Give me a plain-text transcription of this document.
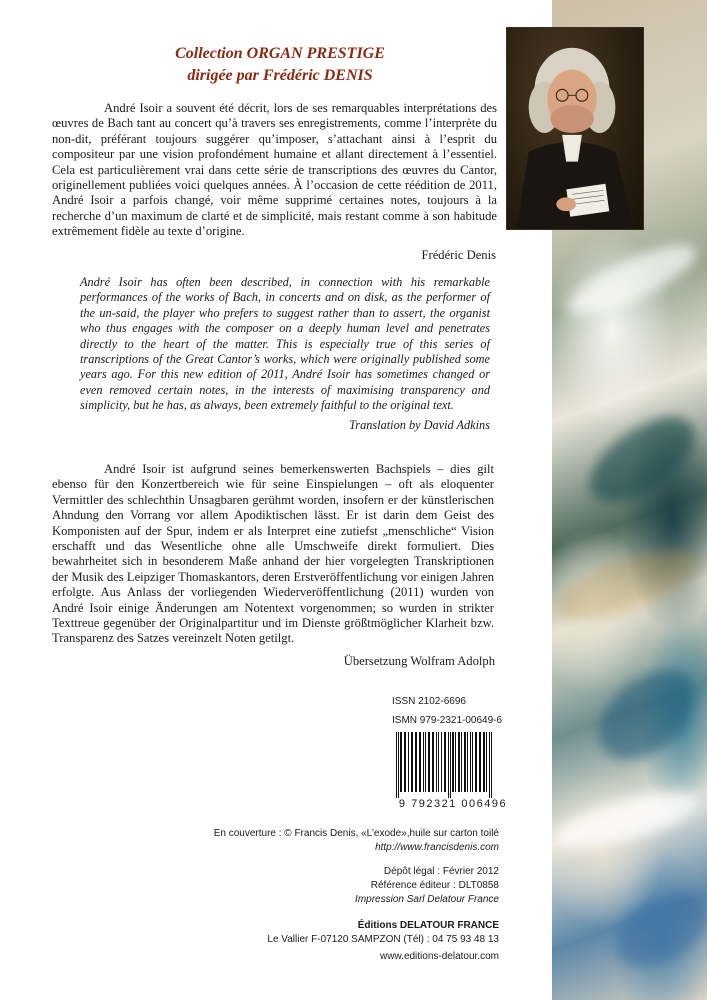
Collection ORGAN PRESTIGE
dirigée par Frédéric DENIS

André Isoir a souvent été décrit, lors de ses remarquables interprétations des œuvres de Bach tant au concert qu’à travers ses enregistrements, comme l’interprète du non-dit, préférant toujours suggérer qu’imposer, s’attachant ainsi à l’esprit du compositeur par une vision profondément humaine et allant directement à l’essentiel. Cela est particulièrement vrai dans cette série de transcriptions des œuvres du Cantor, originellement publiées voici quelques années. À l’occasion de cette réédition de 2011, André Isoir a parfois changé, voir même supprimé certaines notes, toujours à la recherche d’un maximum de clarté et de simplicité, mais restant comme à son habitude extrêmement fidèle au texte d’origine.

Frédéric Denis

André Isoir has often been described, in connection with his remarkable performances of the works of Bach, in concerts and on disk, as the performer of the un-said, the player who prefers to suggest rather than to assert, the organist who thus engages with the composer on a deeply human level and penetrates directly to the heart of the matter. This is especially true of this series of transcriptions of the Great Cantor’s works, which were originally published some years ago. For this new edition of 2011, André Isoir has sometimes changed or even removed certain notes, in the interests of maximising transparency and simplicity, but he has, as always, been extremely faithful to the original text.

Translation by David Adkins

André Isoir ist aufgrund seines bemerkenswerten Bachspiels – dies gilt ebenso für den Konzertbereich wie für seine Einspielungen – oft als eloquenter Vermittler des schlechthin Unsagbaren gerühmt worden, insofern er der künstlerischen Ahndung den Vorrang vor allem Apodiktischen lässt. Er ist darin dem Geist des Komponisten auf der Spur, indem er als Interpret eine zutiefst „menschliche“ Vision erschafft und das Wesentliche ohne alle Umschweife direkt formuliert. Dies bewahrheitet sich in besonderem Maße anhand der hier vorgelegten Transkriptionen der Musik des Leipziger Thomaskantors, deren Erstveröffentlichung vor einigen Jahren erfolgte. Aus Anlass der vorliegenden Wiederveröffentlichung (2011) wurden von André Isoir einige Änderungen am Notentext vorgenommen; so wurden in strikter Texttreue gegenüber der Originalpartitur und im Dienste größtmöglicher Klarheit bzw. Transparenz des Satzes vereinzelt Noten getilgt.

Übersetzung Wolfram Adolph
ISSN 2102-6696
ISMN 979-2321-00649-6
9 792321 006496
En couverture : © Francis Denis, «L’exode»,huile sur carton toilé
http://www.francisdenis.com
Dépôt légal : Février 2012
Référence éditeur : DLT0858
Impression Sarl Delatour France
Éditions DELATOUR FRANCE
Le Vallier F-07120 SAMPZON (Tél) : 04 75 93 48 13
www.editions-delatour.com
